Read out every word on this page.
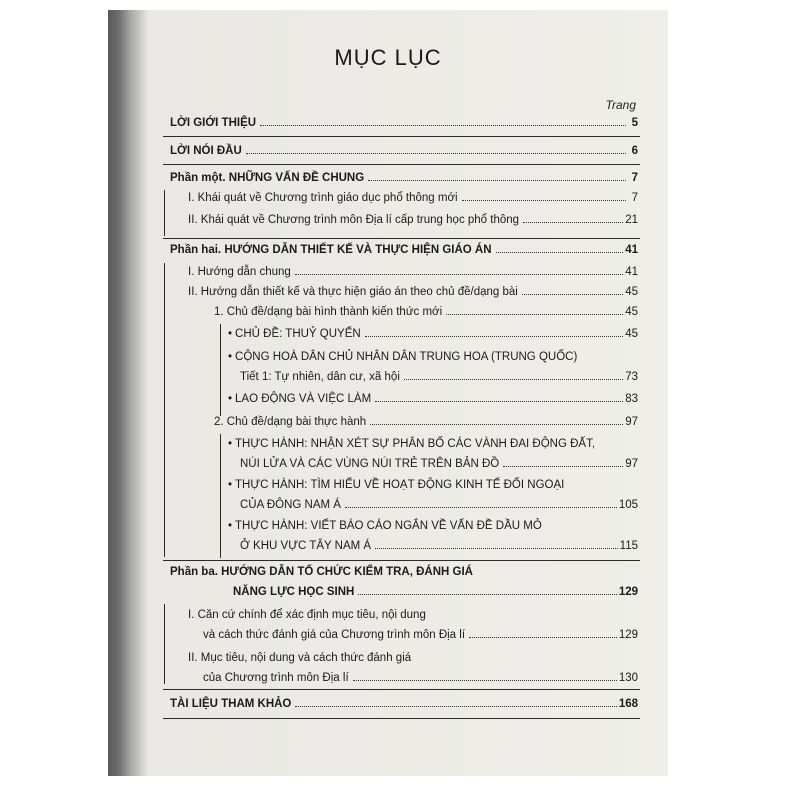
MỤC LỤC
Trang
LỜI GIỚI THIỆU	5
LỜI NÓI ĐẦU	6
Phần một. NHỮNG VẤN ĐỀ CHUNG	7
I. Khái quát về Chương trình giáo dục phổ thông mới	7
II. Khái quát về Chương trình môn Địa lí cấp trung học phổ thông	21
Phần hai. HƯỚNG DẪN THIẾT KẾ VÀ THỰC HIỆN GIÁO ÁN	41
I. Hướng dẫn chung	41
II. Hướng dẫn thiết kế và thực hiện giáo án theo chủ đề/dạng bài	45
1. Chủ đề/dạng bài hình thành kiến thức mới	45
• CHỦ ĐỀ: THUỶ QUYỂN	45
• CỘNG HOÀ DÂN CHỦ NHÂN DÂN TRUNG HOA (TRUNG QUỐC)
Tiết 1: Tự nhiên, dân cư, xã hội	73
• LAO ĐỘNG VÀ VIỆC LÀM	83
2. Chủ đề/dạng bài thực hành	97
• THỰC HÀNH: NHẬN XÉT SỰ PHÂN BỐ CÁC VÀNH ĐAI ĐỘNG ĐẤT,
NÚI LỬA VÀ CÁC VÙNG NÚI TRẺ TRÊN BẢN ĐỒ	97
• THỰC HÀNH: TÌM HIỂU VỀ HOẠT ĐỘNG KINH TẾ ĐỐI NGOẠI
CỦA ĐÔNG NAM Á	105
• THỰC HÀNH: VIẾT BÁO CÁO NGẮN VỀ VẤN ĐỀ DẦU MỎ
Ở KHU VỰC TÂY NAM Á	115
Phần ba. HƯỚNG DẪN TỔ CHỨC KIỂM TRA, ĐÁNH GIÁ
NĂNG LỰC HỌC SINH	129
I. Căn cứ chính để xác định mục tiêu, nội dung
và cách thức đánh giá của Chương trình môn Địa lí	129
II. Mục tiêu, nội dung và cách thức đánh giá
của Chương trình môn Địa lí	130
TÀI LIỆU THAM KHẢO	168
